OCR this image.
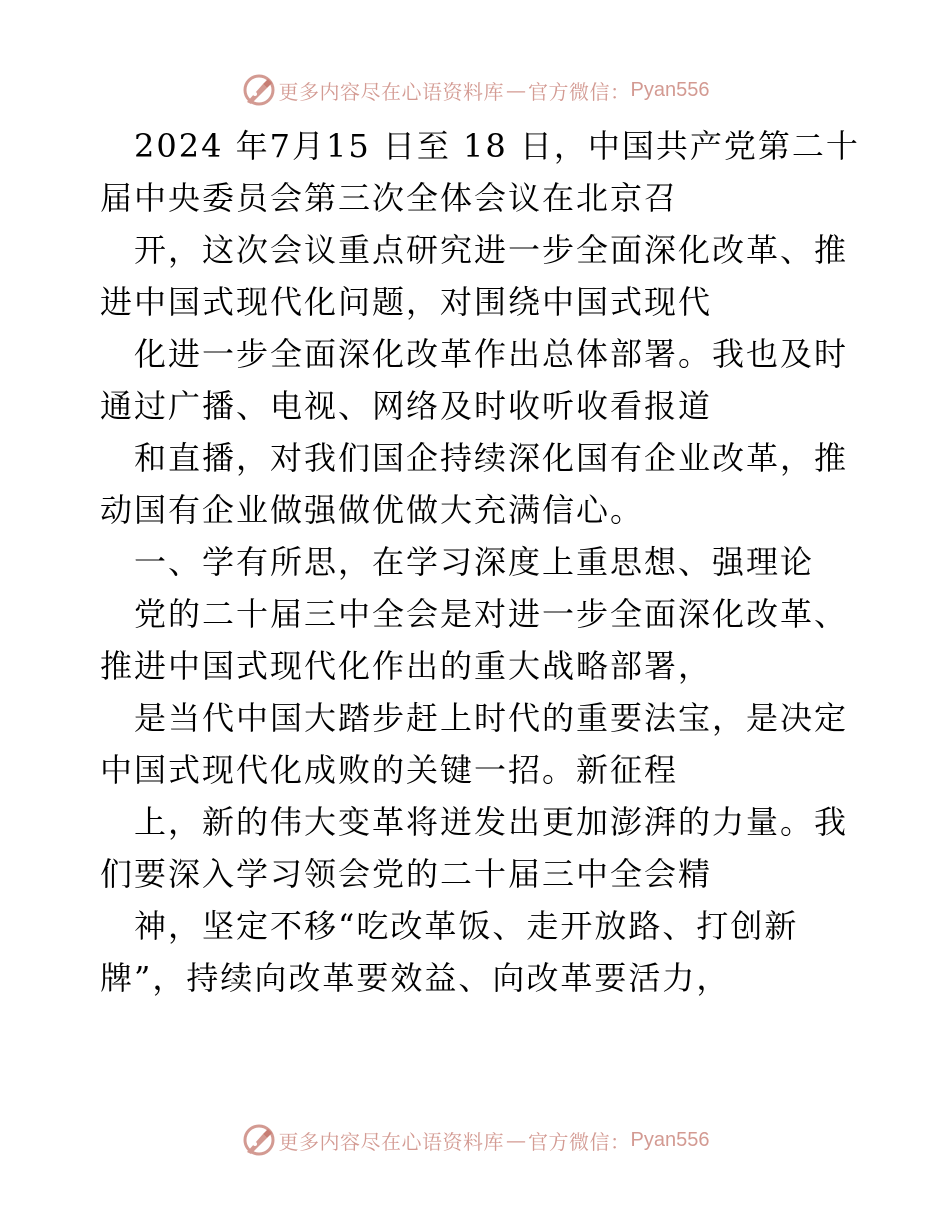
更多内容尽在心语资料库 — 官方微信： Pyan556
2024 年7月15 日至 18 日，中国共产党第二十
届中央委员会第三次全体会议在北京召
开，这次会议重点研究进一步全面深化改革、推
进中国式现代化问题，对围绕中国式现代
化进一步全面深化改革作出总体部署。我也及时
通过广播、电视、网络及时收听收看报道
和直播，对我们国企持续深化国有企业改革，推
动国有企业做强做优做大充满信心。
一、学有所思，在学习深度上重思想、强理论
党的二十届三中全会是对进一步全面深化改革、
推进中国式现代化作出的重大战略部署，
是当代中国大踏步赶上时代的重要法宝，是决定
中国式现代化成败的关键一招。新征程
上，新的伟大变革将迸发出更加澎湃的力量。我
们要深入学习领会党的二十届三中全会精
神，坚定不移“吃改革饭、走开放路、打创新
牌”，持续向改革要效益、向改革要活力，
更多内容尽在心语资料库 — 官方微信： Pyan556
